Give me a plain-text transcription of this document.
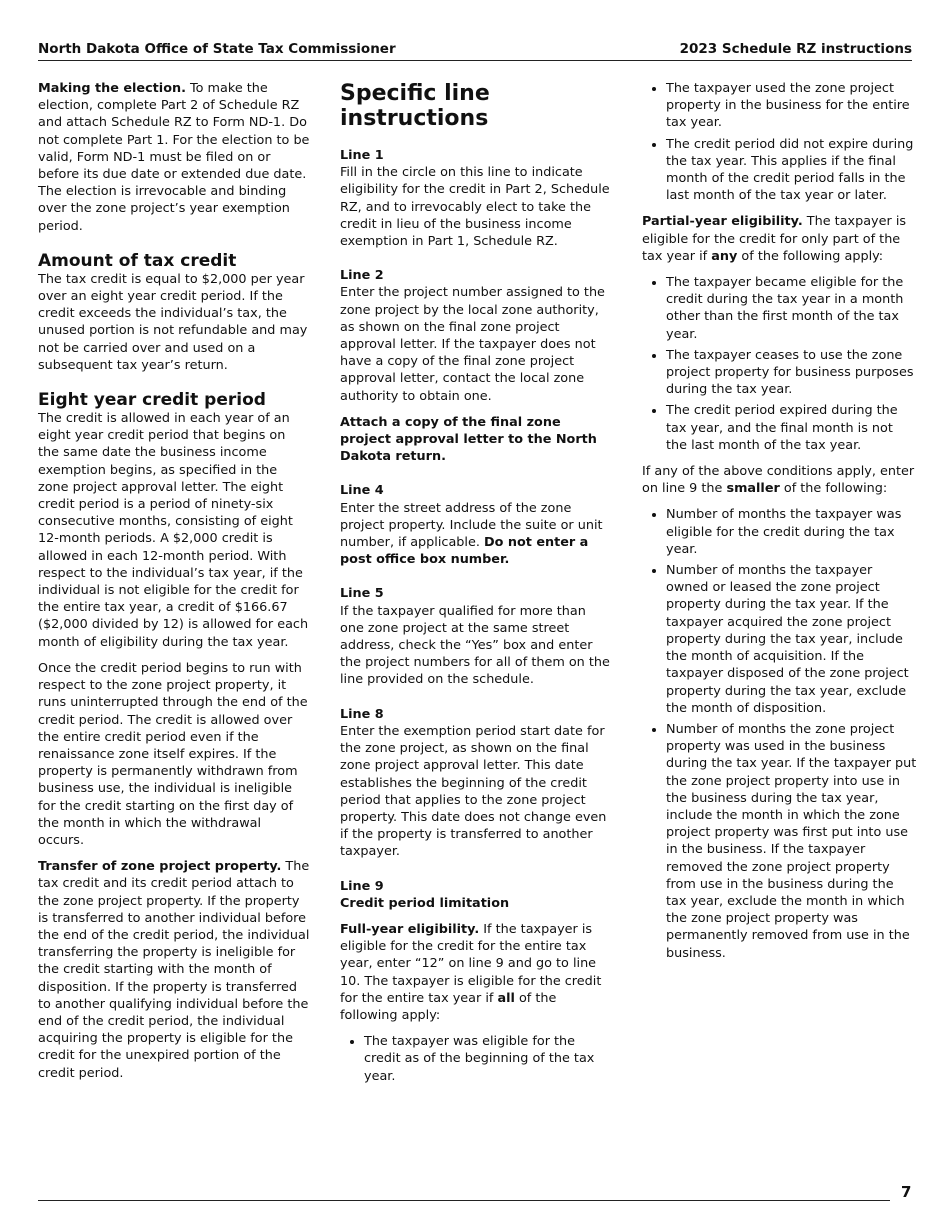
North Dakota Office of State Tax Commissioner	2023 Schedule RZ instructions

Making the election. To make the election, complete Part 2 of Schedule RZ and attach Schedule RZ to Form ND-1. Do not complete Part 1. For the election to be valid, Form ND-1 must be filed on or before its due date or extended due date. The election is irrevocable and binding over the zone project’s year exemption period.

Amount of tax credit

The tax credit is equal to $2,000 per year over an eight year credit period. If the credit exceeds the individual’s tax, the unused portion is not refundable and may not be carried over and used on a subsequent tax year’s return.

Eight year credit period

The credit is allowed in each year of an eight year credit period that begins on the same date the business income exemption begins, as specified in the zone project approval letter. The eight credit period is a period of ninety-six consecutive months, consisting of eight 12-month periods. A $2,000 credit is allowed in each 12-month period. With respect to the individual’s tax year, if the individual is not eligible for the credit for the entire tax year, a credit of $166.67 ($2,000 divided by 12) is allowed for each month of eligibility during the tax year.

Once the credit period begins to run with respect to the zone project property, it runs uninterrupted through the end of the credit period. The credit is allowed over the entire credit period even if the renaissance zone itself expires. If the property is permanently withdrawn from business use, the individual is ineligible for the credit starting on the first day of the month in which the withdrawal occurs.

Transfer of zone project property. The tax credit and its credit period attach to the zone project property. If the property is transferred to another individual before the end of the credit period, the individual transferring the property is ineligible for the credit starting with the month of disposition. If the property is transferred to another qualifying individual before the end of the credit period, the individual acquiring the property is eligible for the credit for the unexpired portion of the credit period.

Specific line instructions

Line 1
Fill in the circle on this line to indicate eligibility for the credit in Part 2, Schedule RZ, and to irrevocably elect to take the credit in lieu of the business income exemption in Part 1, Schedule RZ.

Line 2
Enter the project number assigned to the zone project by the local zone authority, as shown on the final zone project approval letter. If the taxpayer does not have a copy of the final zone project approval letter, contact the local zone authority to obtain one.

Attach a copy of the final zone project approval letter to the North Dakota return.

Line 4
Enter the street address of the zone project property. Include the suite or unit number, if applicable. Do not enter a post office box number.

Line 5
If the taxpayer qualified for more than one zone project at the same street address, check the “Yes” box and enter the project numbers for all of them on the line provided on the schedule.

Line 8
Enter the exemption period start date for the zone project, as shown on the final zone project approval letter. This date establishes the beginning of the credit period that applies to the zone project property. This date does not change even if the property is transferred to another taxpayer.

Line 9
Credit period limitation

Full-year eligibility. If the taxpayer is eligible for the credit for the entire tax year, enter “12” on line 9 and go to line 10. The taxpayer is eligible for the credit for the entire tax year if all of the following apply:

• The taxpayer was eligible for the credit as of the beginning of the tax year.
• The taxpayer used the zone project property in the business for the entire tax year.
• The credit period did not expire during the tax year. This applies if the final month of the credit period falls in the last month of the tax year or later.

Partial-year eligibility. The taxpayer is eligible for the credit for only part of the tax year if any of the following apply:

• The taxpayer became eligible for the credit during the tax year in a month other than the first month of the tax year.
• The taxpayer ceases to use the zone project property for business purposes during the tax year.
• The credit period expired during the tax year, and the final month is not the last month of the tax year.

If any of the above conditions apply, enter on line 9 the smaller of the following:

• Number of months the taxpayer was eligible for the credit during the tax year.
• Number of months the taxpayer owned or leased the zone project property during the tax year. If the taxpayer acquired the zone project property during the tax year, include the month of acquisition. If the taxpayer disposed of the zone project property during the tax year, exclude the month of disposition.
• Number of months the zone project property was used in the business during the tax year. If the taxpayer put the zone project property into use in the business during the tax year, include the month in which the zone project property was first put into use in the business. If the taxpayer removed the zone project property from use in the business during the tax year, exclude the month in which the zone project property was permanently removed from use in the business.
7
